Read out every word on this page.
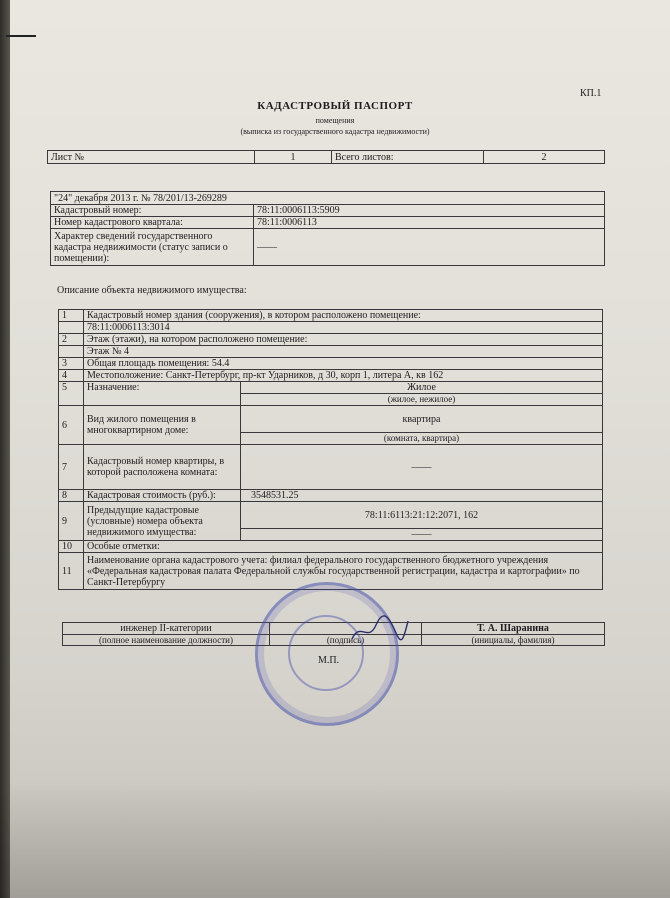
КП.1
КАДАСТРОВЫЙ ПАСПОРТ
помещения
(выписка из государственного кадастра недвижимости)
Лист №	1	Всего листов:	2
"24" декабря 2013 г. № 78/201/13-269289	
Кадастровый номер:	78:11:0006113:5909
Номер кадастрового квартала:	78:11:0006113
Характер сведений государственного кадастра недвижимости (статус записи о помещении):	——
Описание объекта недвижимого имущества:
1	Кадастровый номер здания (сооружения), в котором расположено помещение:	
	78:11:0006113:3014	
2	Этаж (этажи), на котором расположено помещение:	
	Этаж № 4	
3	Общая площадь помещения: 54.4	
4	Местоположение: Санкт-Петербург, пр-кт Ударников, д 30, корп 1, литера А, кв 162	
5	Назначение:	Жилое
		(жилое, нежилое)
6	Вид жилого помещения в многоквартирном доме:	квартира
		(комната, квартира)
7	Кадастровый номер квартиры, в которой расположена комната:	——
8	Кадастровая стоимость (руб.):	3548531.25
9	Предыдущие кадастровые (условные) номера объекта недвижимого имущества:	78:11:6113:21:12:2071, 162
		——
10	Особые отметки:	
11	Наименование органа кадастрового учета: филиал федерального государственного бюджетного учреждения «Федеральная кадастровая палата Федеральной службы государственной регистрации, кадастра и картографии» по Санкт-Петербургу	
инженер II-категории		Т. А. Шаранина
(полное наименование должности)	(подпись)	(инициалы, фамилия)
М.П.
